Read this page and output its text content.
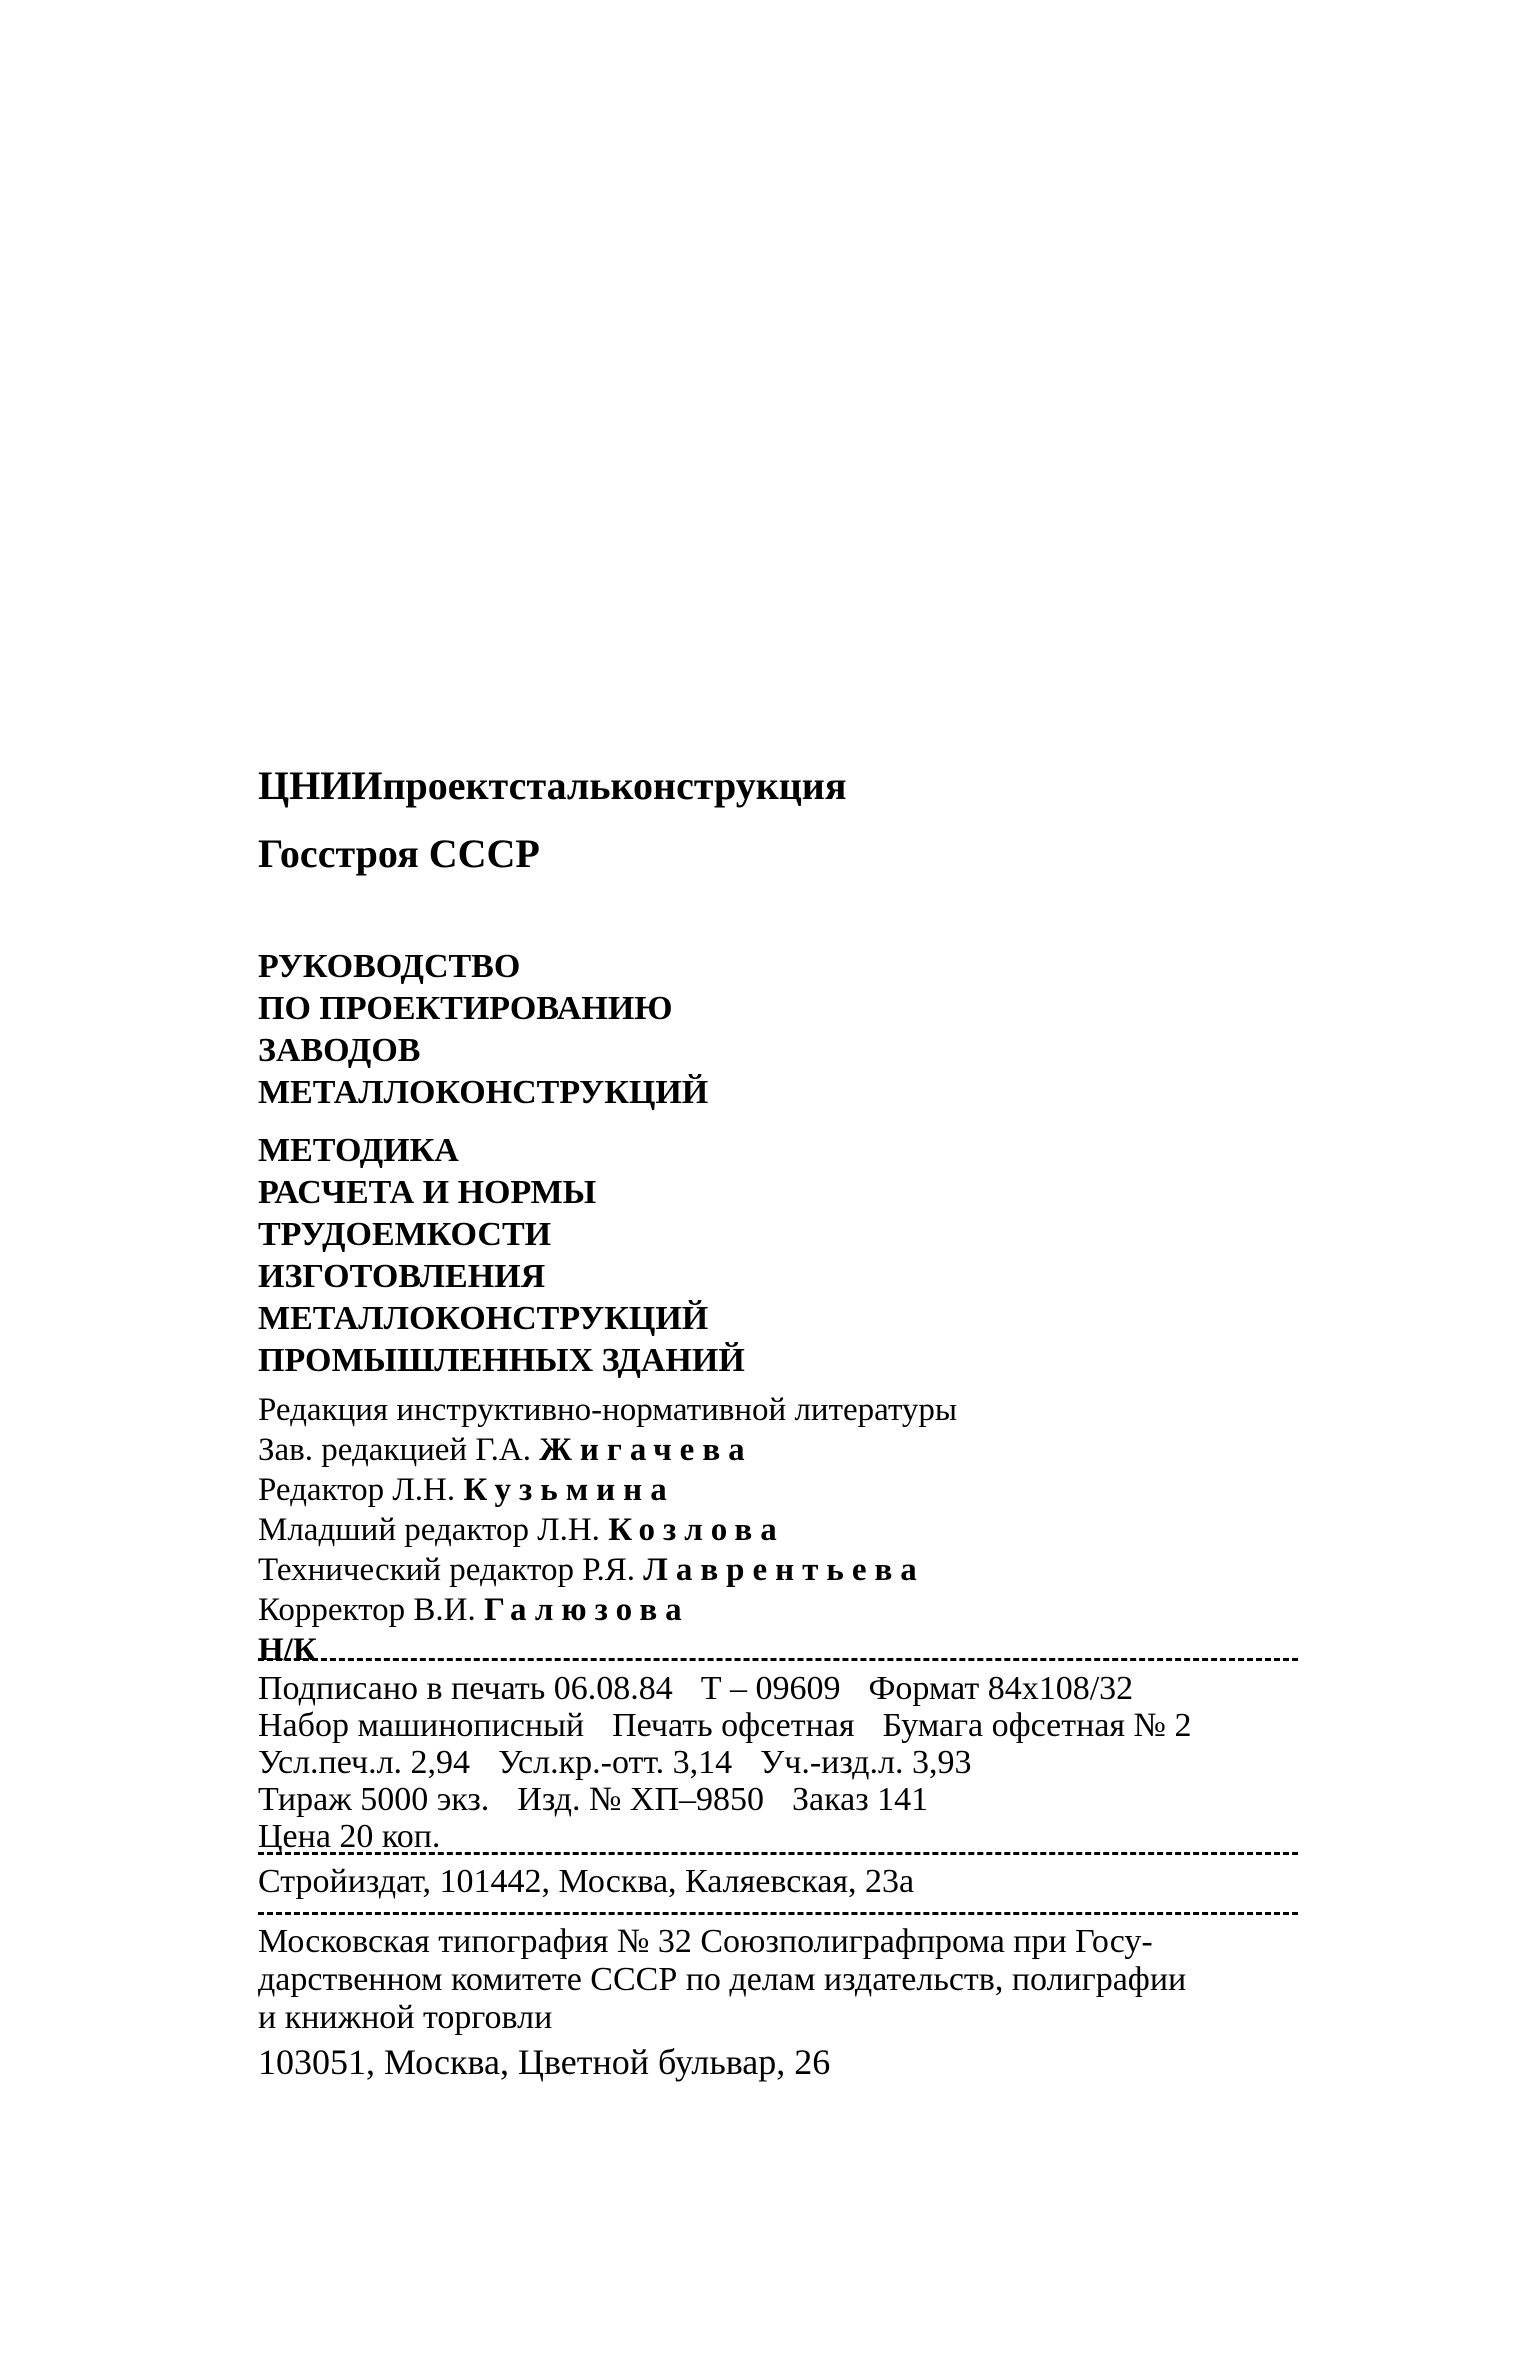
ЦНИИпроектстальконструкция
Госстроя СССР
РУКОВОДСТВО
ПО ПРОЕКТИРОВАНИЮ
ЗАВОДОВ
МЕТАЛЛОКОНСТРУКЦИЙ
МЕТОДИКА
РАСЧЕТА И НОРМЫ
ТРУДОЕМКОСТИ
ИЗГОТОВЛЕНИЯ
МЕТАЛЛОКОНСТРУКЦИЙ
ПРОМЫШЛЕННЫХ ЗДАНИЙ
Редакция инструктивно-нормативной литературы
Зав. редакцией Г.А. Жигачева
Редактор Л.Н. Кузьмина
Младший редактор Л.Н. Козлова
Технический редактор Р.Я. Лаврентьева
Корректор В.И. Галюзова
Н/К
Подписано в печать 06.08.84 Т – 09609 Формат 84х108/32
Набор машинописный Печать офсетная Бумага офсетная № 2
Усл.печ.л. 2,94 Усл.кр.-отт. 3,14 Уч.-изд.л. 3,93
Тираж 5000 экз. Изд. № ХП–9850 Заказ 141
Цена 20 коп.
Стройиздат, 101442, Москва, Каляевская, 23а
Московская типография № 32 Союзполиграфпрома при Госу-
дарственном комитете СССР по делам издательств, полиграфии
и книжной торговли
103051, Москва, Цветной бульвар, 26
